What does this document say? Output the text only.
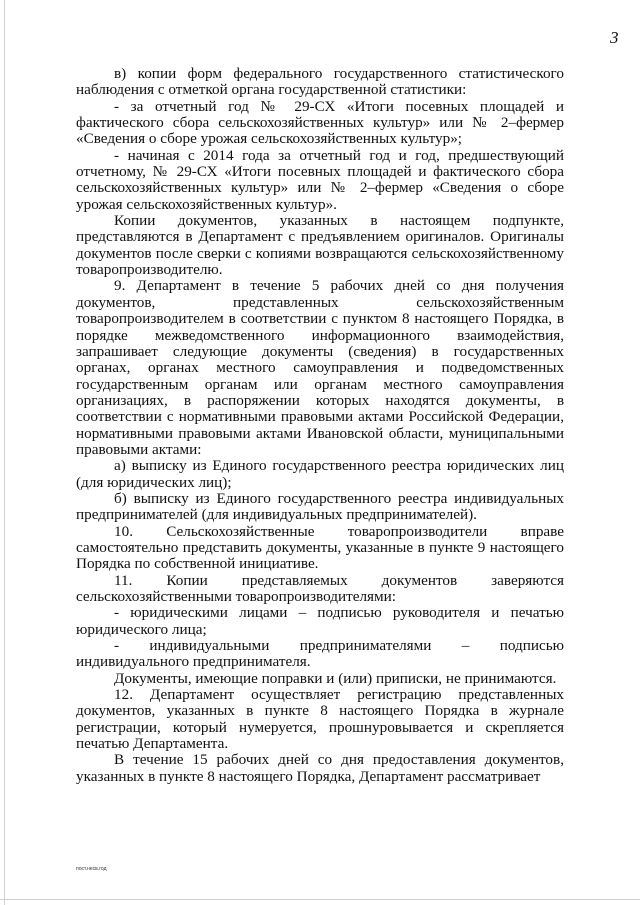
3

в) копии форм федерального государственного статистического наблюдения с отметкой органа государственной статистики:

- за отчетный год № 29-СХ «Итоги посевных площадей и фактического сбора сельскохозяйственных культур» или № 2–фермер «Сведения о сборе урожая сельскохозяйственных культур»;

- начиная с 2014 года за отчетный год и год, предшествующий отчетному, № 29-СХ «Итоги посевных площадей и фактического сбора сельскохозяйственных культур» или № 2–фермер «Сведения о сборе урожая сельскохозяйственных культур».

Копии документов, указанных в настоящем подпункте, представляются в Департамент с предъявлением оригиналов. Оригиналы документов после сверки с копиями возвращаются сельскохозяйственному товаропроизводителю.

9. Департамент в течение 5 рабочих дней со дня получения документов, представленных сельскохозяйственным товаропроизводителем в соответствии с пунктом 8 настоящего Порядка, в порядке межведомственного информационного взаимодействия, запрашивает следующие документы (сведения) в государственных органах, органах местного самоуправления и подведомственных государственным органам или органам местного самоуправления организациях, в распоряжении которых находятся документы, в соответствии с нормативными правовыми актами Российской Федерации, нормативными правовыми актами Ивановской области, муниципальными правовыми актами:

а) выписку из Единого государственного реестра юридических лиц (для юридических лиц);

б) выписку из Единого государственного реестра индивидуальных предпринимателей (для индивидуальных предпринимателей).

10. Сельскохозяйственные товаропроизводители вправе самостоятельно представить документы, указанные в пункте 9 настоящего Порядка по собственной инициативе.

11. Копии представляемых документов заверяются сельскохозяйственными товаропроизводителями:

- юридическими лицами – подписью руководителя и печатью юридического лица;

- индивидуальными предпринимателями – подписью индивидуального предпринимателя.

Документы, имеющие поправки и (или) приписки, не принимаются.

12. Департамент осуществляет регистрацию представленных документов, указанных в пункте 8 настоящего Порядка в журнале регистрации, который нумеруется, прошнуровывается и скрепляется печатью Департамента.

В течение 15 рабочих дней со дня предоставления документов, указанных в пункте 8 настоящего Порядка, Департамент рассматривает

пост.несв.год
